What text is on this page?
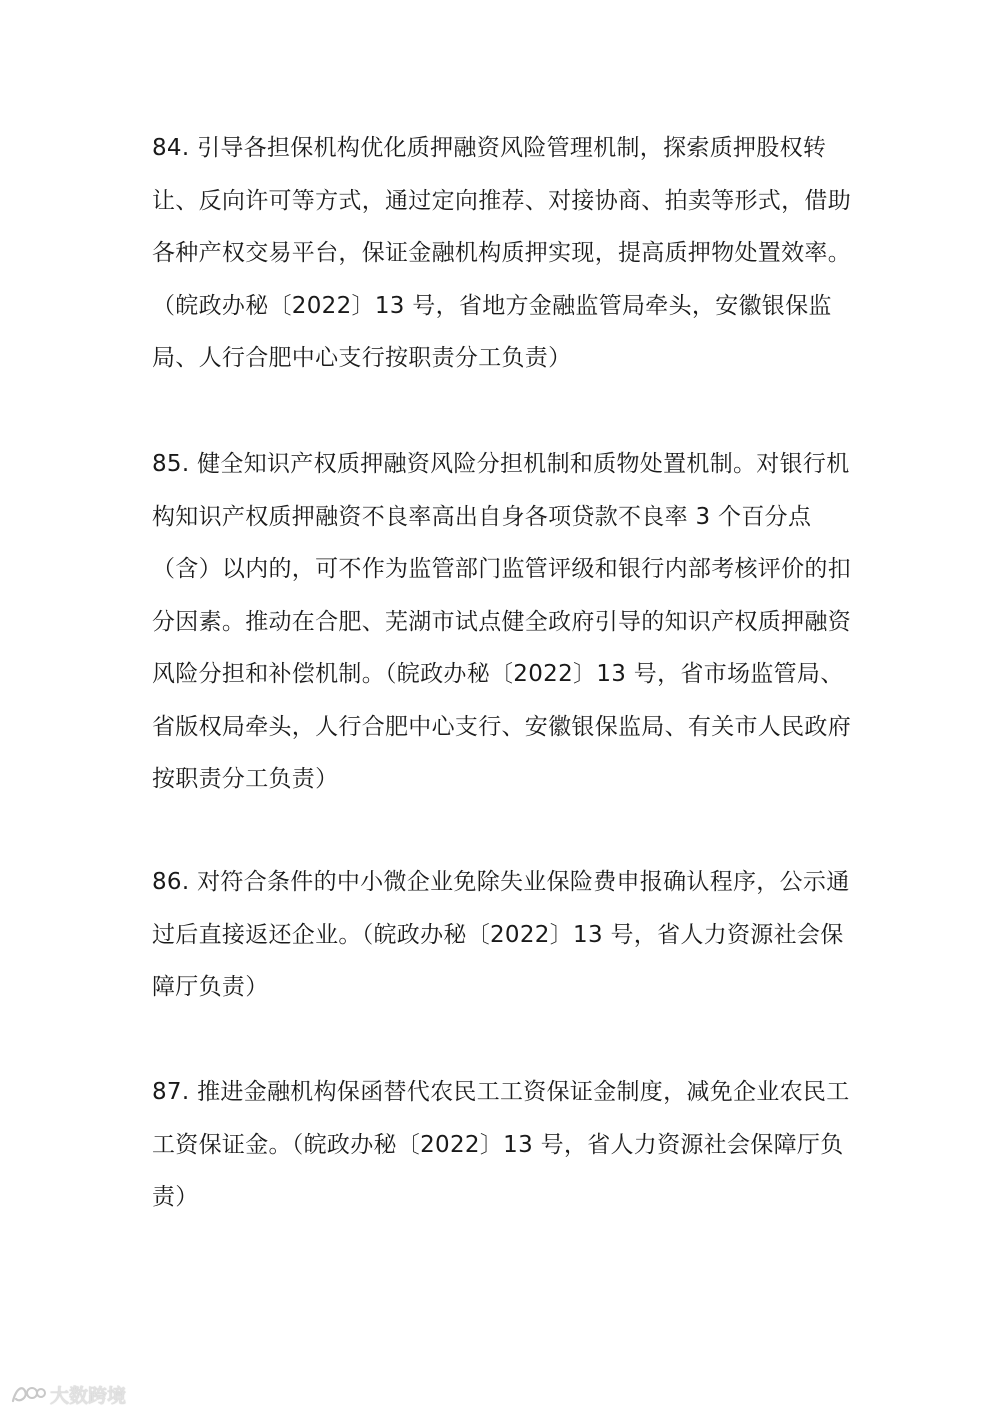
84. 引导各担保机构优化质押融资风险管理机制，探索质押股权转让、反向许可等方式，通过定向推荐、对接协商、拍卖等形式，借助各种产权交易平台，保证金融机构质押实现，提高质押物处置效率。（皖政办秘〔2022〕13 号，省地方金融监管局牵头，安徽银保监局、人行合肥中心支行按职责分工负责）

85. 健全知识产权质押融资风险分担机制和质物处置机制。对银行机构知识产权质押融资不良率高出自身各项贷款不良率 3 个百分点（含）以内的，可不作为监管部门监管评级和银行内部考核评价的扣分因素。推动在合肥、芜湖市试点健全政府引导的知识产权质押融资风险分担和补偿机制。（皖政办秘〔2022〕13 号，省市场监管局、省版权局牵头，人行合肥中心支行、安徽银保监局、有关市人民政府按职责分工负责）

86. 对符合条件的中小微企业免除失业保险费申报确认程序，公示通过后直接返还企业。（皖政办秘〔2022〕13 号，省人力资源社会保障厅负责）

87. 推进金融机构保函替代农民工工资保证金制度，减免企业农民工工资保证金。（皖政办秘〔2022〕13 号，省人力资源社会保障厅负责）

大数跨境
